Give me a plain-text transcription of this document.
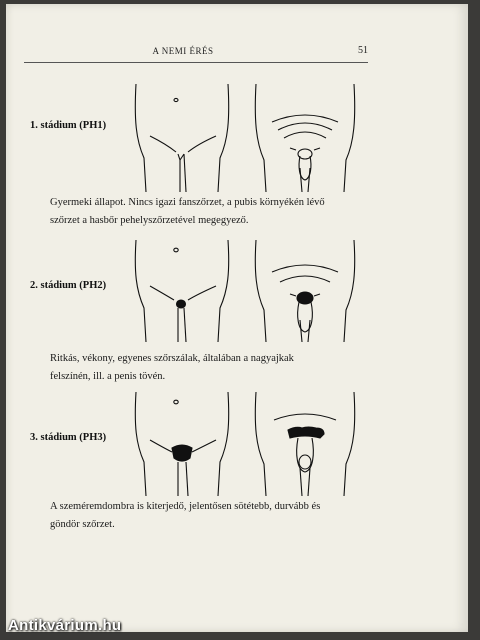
A NEMI ÉRÉS	51
1. stádium (PH1)
Gyermeki állapot. Nincs igazi fanszőrzet, a pubis környékén lévő
szőrzet a hasbőr pehelyszőrzetével megegyező.
2. stádium (PH2)
Ritkás, vékony, egyenes szőrszálak, általában a nagyajkak
felszínén, ill. a penis tövén.
3. stádium (PH3)
A szeméremdombra is kiterjedő, jelentősen sötétebb, durvább és
göndör szőrzet.
Antikvárium.hu
